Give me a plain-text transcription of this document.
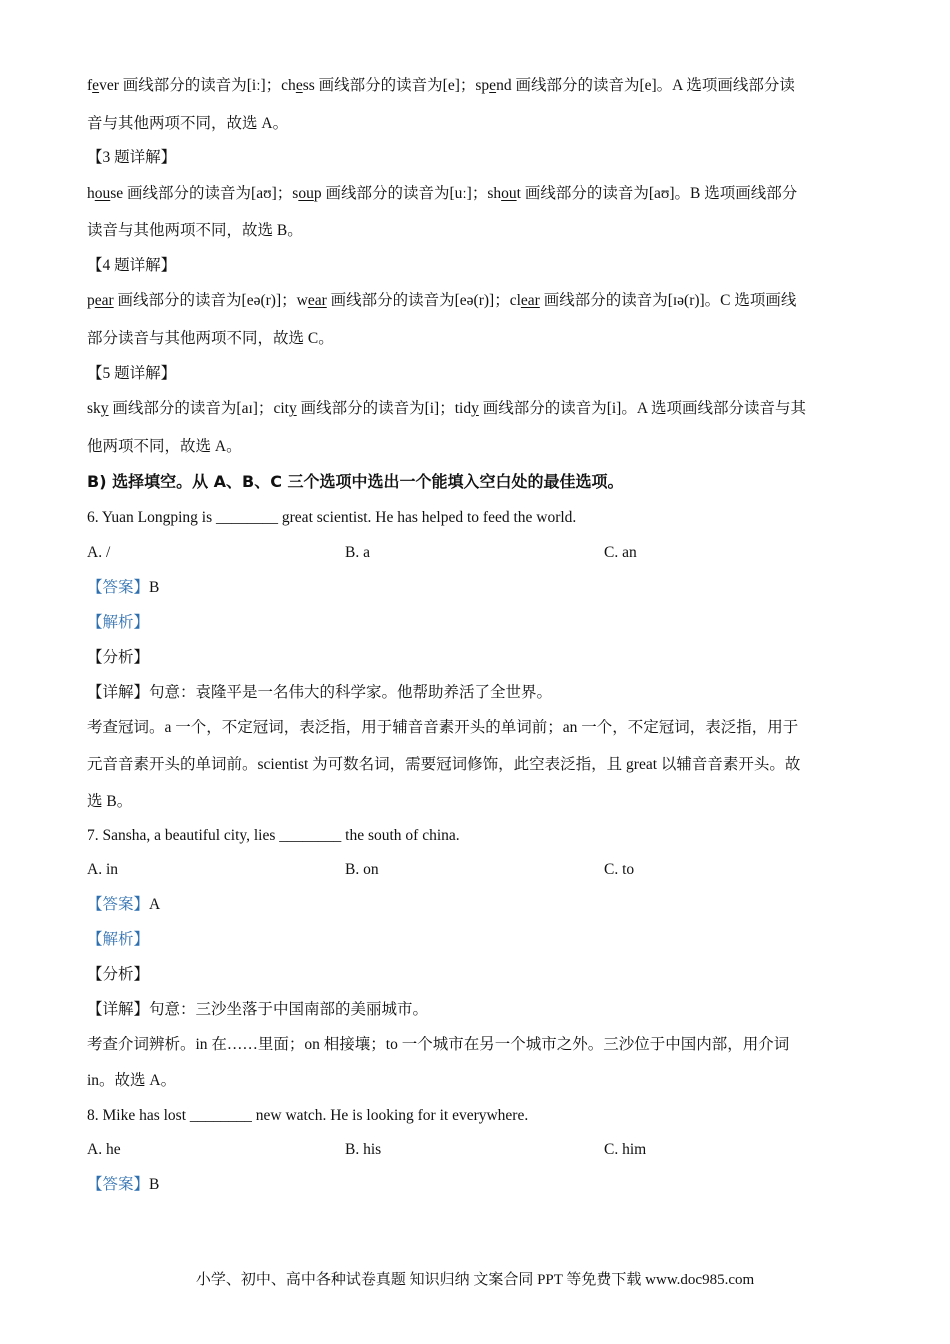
fever 画线部分的读音为[iː]；chess 画线部分的读音为[e]；spend 画线部分的读音为[e]。A 选项画线部分读
音与其他两项不同，故选 A。
【3 题详解】
house 画线部分的读音为[aʊ]；soup 画线部分的读音为[uː]；shout 画线部分的读音为[aʊ]。B 选项画线部分
读音与其他两项不同，故选 B。
【4 题详解】
pear 画线部分的读音为[eə(r)]；wear 画线部分的读音为[eə(r)]；clear 画线部分的读音为[ɪə(r)]。C 选项画线
部分读音与其他两项不同，故选 C。
【5 题详解】
sky 画线部分的读音为[aɪ]；city 画线部分的读音为[i]；tidy 画线部分的读音为[i]。A 选项画线部分读音与其
他两项不同，故选 A。
B) 选择填空。从 A、B、C 三个选项中选出一个能填入空白处的最佳选项。
6. Yuan Longping is ________ great scientist. He has helped to feed the world.
A. /	B. a	C. an
【答案】B
【解析】
【分析】
【详解】句意：袁隆平是一名伟大的科学家。他帮助养活了全世界。
考查冠词。a 一个，不定冠词，表泛指，用于辅音音素开头的单词前；an 一个，不定冠词，表泛指，用于
元音音素开头的单词前。scientist 为可数名词，需要冠词修饰，此空表泛指，且 great 以辅音音素开头。故
选 B。
7. Sansha, a beautiful city, lies ________ the south of china.
A. in	B. on	C. to
【答案】A
【解析】
【分析】
【详解】句意：三沙坐落于中国南部的美丽城市。
考查介词辨析。in 在……里面；on 相接壤；to 一个城市在另一个城市之外。三沙位于中国内部，用介词
in。故选 A。
8. Mike has lost ________ new watch. He is looking for it everywhere.
A. he	B. his	C. him
【答案】B
小学、初中、高中各种试卷真题 知识归纳 文案合同 PPT 等免费下载 www.doc985.com
